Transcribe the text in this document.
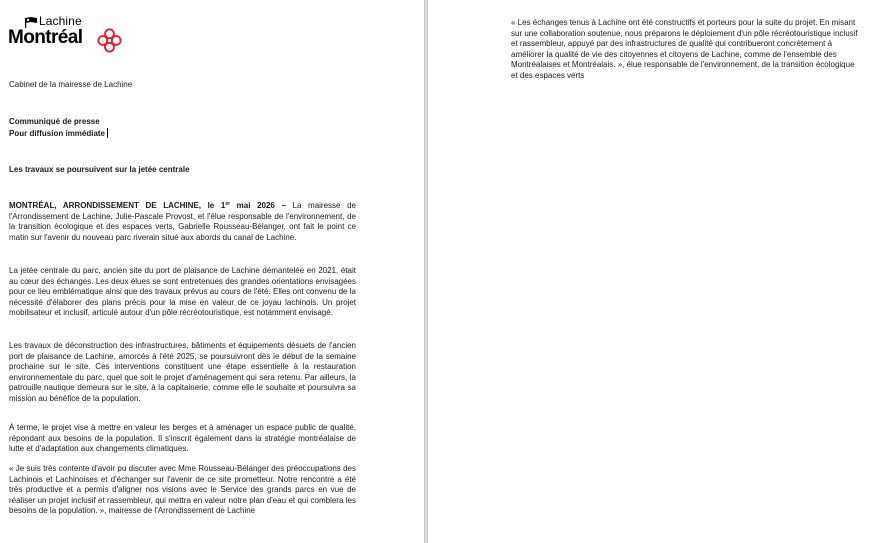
Lachine
Montréal

Cabinet de la mairesse de Lachine

Communiqué de presse

Pour diffusion immédiate

Les travaux se poursuivent sur la jetée centrale

MONTRÉAL, ARRONDISSEMENT DE LACHINE, le 1er mai 2026 – La mairesse de l'Arrondissement de Lachine, Julie-Pascale Provost, et l'élue responsable de l'environnement, de la transition écologique et des espaces verts, Gabrielle Rousseau-Bélanger, ont fait le point ce matin sur l'avenir du nouveau parc riverain situé aux abords du canal de Lachine.

La jetée centrale du parc, ancien site du port de plaisance de Lachine démantelée en 2021, était au cœur des échanges. Les deux élues se sont entretenues des grandes orientations envisagées pour ce lieu emblématique ainsi que des travaux prévus au cours de l'été. Elles ont convenu de la nécessité d'élaborer des plans précis pour la mise en valeur de ce joyau lachinois. Un projet mobilisateur et inclusif, articulé autour d'un pôle récréotouristique, est notamment envisagé.

Les travaux de déconstruction des infrastructures, bâtiments et équipements désuets de l'ancien port de plaisance de Lachine, amorcés à l'été 2025, se poursuivront dès le début de la semaine prochaine sur le site. Ces interventions constituent une étape essentielle à la restauration environnementale du parc, quel que soit le projet d'aménagement qui sera retenu. Par ailleurs, la patrouille nautique demeura sur le site, à la capitainerie, comme elle le souhaite et poursuivra sa mission au bénéfice de la population.

À terme, le projet vise à mettre en valeur les berges et à aménager un espace public de qualité, répondant aux besoins de la population. Il s'inscrit également dans la stratégie montréalaise de lutte et d'adaptation aux changements climatiques.

« Je suis très contente d'avoir pu discuter avec Mme Rousseau-Bélanger des préoccupations des Lachinois et Lachinoises et d'échanger sur l'avenir de ce site prometteur. Notre rencontre a été très productive et a permis d'aligner nos visions avec le Service des grands parcs en vue de réaliser un projet inclusif et rassembleur, qui mettra en valeur notre plan d'eau et qui comblera les besoins de la population. », mairesse de l'Arrondissement de Lachine

« Les échanges tenus à Lachine ont été constructifs et porteurs pour la suite du projet. En misant sur une collaboration soutenue, nous préparons le déploiement d'un pôle récréotouristique inclusif et rassembleur, appuyé par des infrastructures de qualité qui contribueront concrètement à améliorer la qualité de vie des citoyennes et citoyens de Lachine, comme de l'ensemble des Montréalaises et Montréalais. », élue responsable de l'environnement, de la transition écologique et des espaces verts
